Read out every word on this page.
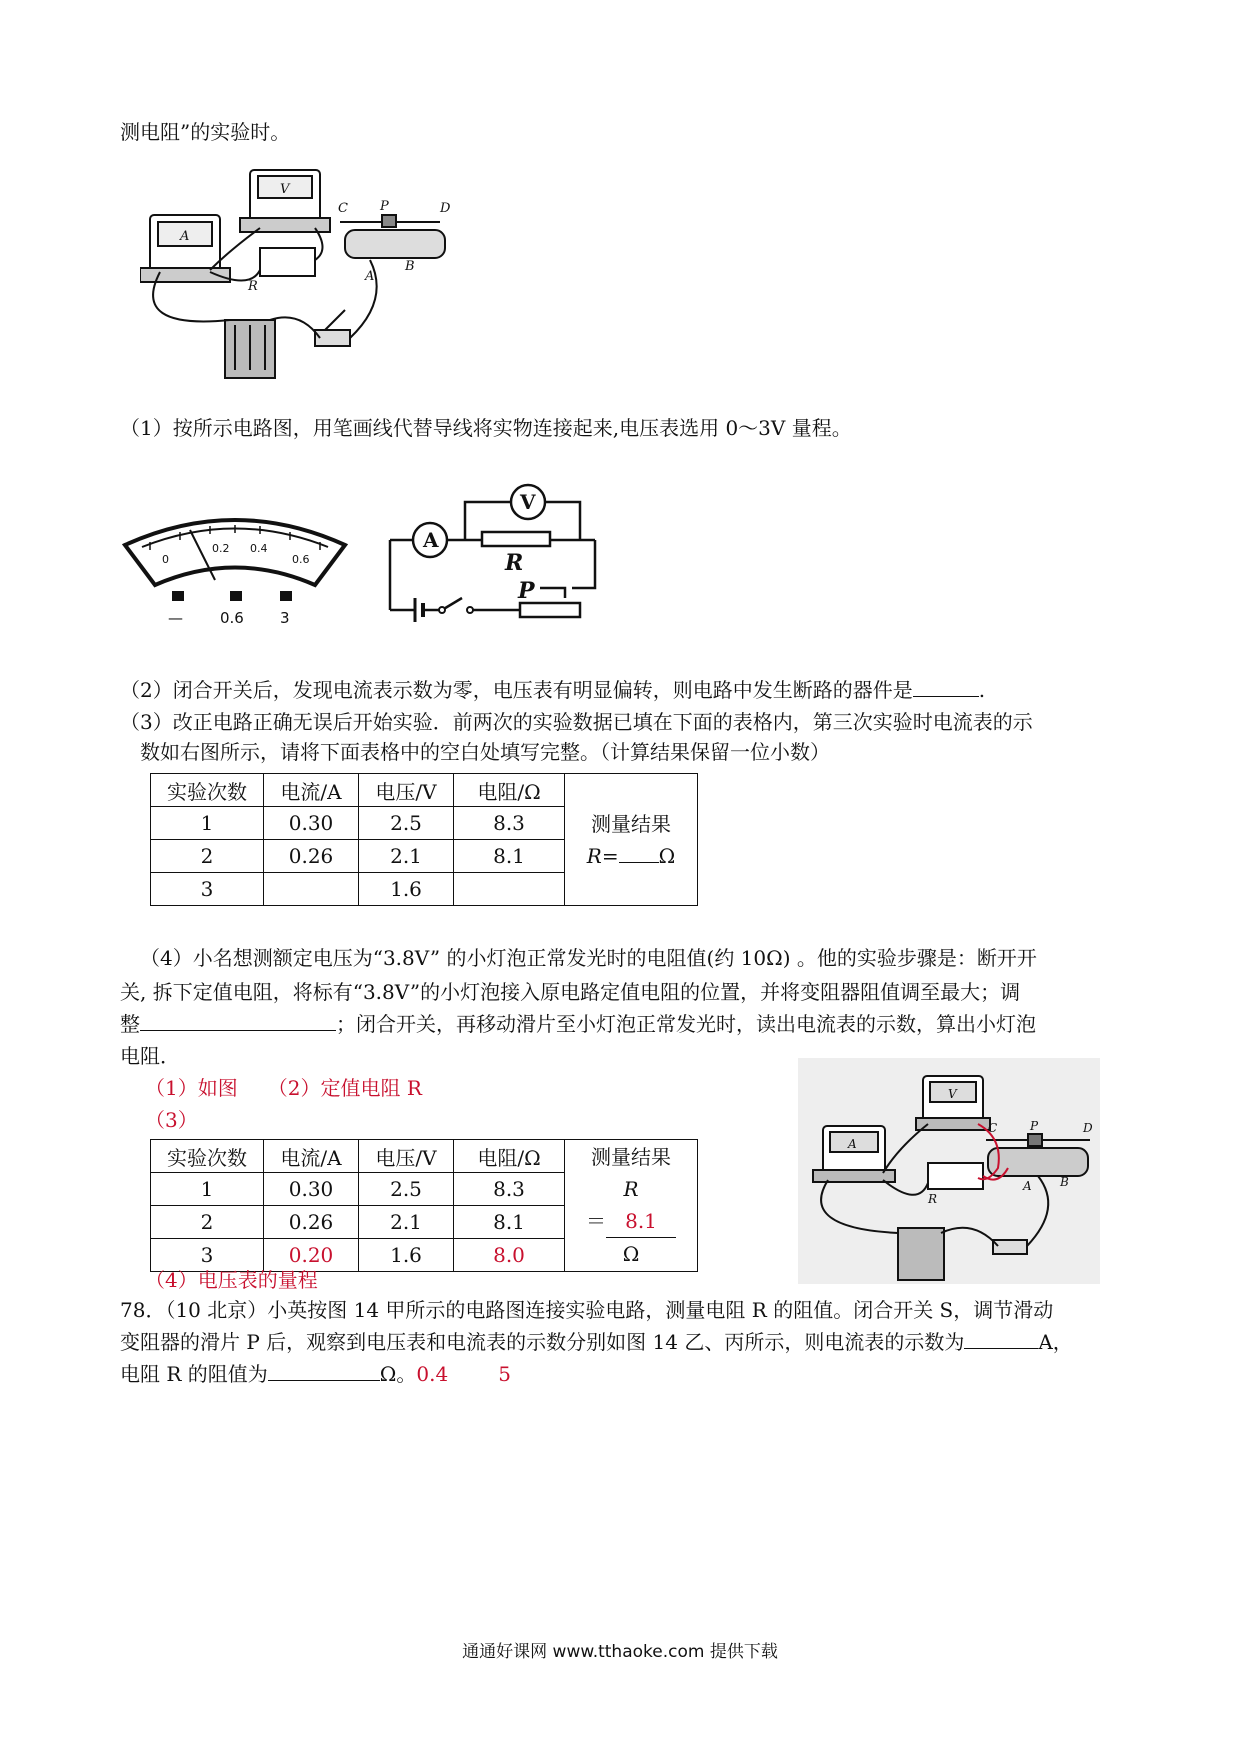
测电阻”的实验时。
A
V
R
C P	D
A
B
（1）按所示电路图，用笔画线代替导线将实物连接起来,电压表选用 0～3V 量程。
0
0.2 0.4
0.6
— 0.6 3
A
V
R
P
（2）闭合开关后，发现电流表示数为零，电压表有明显偏转，则电路中发生断路的器件是	.
（3）改正电路正确无误后开始实验．前两次的实验数据已填在下面的表格内，第三次实验时电流表的示
数如右图所示，请将下面表格中的空白处填写完整。（计算结果保留一位小数）
实验次数	电流/A	电压/V	电阻/Ω	测量结果
R= Ω

1	0.30	2.5	8.3	
2	0.26	2.1	8.1	
3		1.6		
（4）小名想测额定电压为“3.8V” 的小灯泡正常发光时的电阻值(约 10Ω) 。他的实验步骤是：断开开
关, 拆下定值电阻，将标有“3.8V”的小灯泡接入原电路定值电阻的位置，并将变阻器阻值调至最大；调
整	；闭合开关，再移动滑片至小灯泡正常发光时，读出电流表的示数，算出小灯泡
电阻．
（1）如图 （2）定值电阻 R
（3）
实验次数	电流/A	电压/V	电阻/Ω	测量结果
R
＝ 8.1
Ω

1	0.30	2.5	8.3	
2	0.26	2.1	8.1	
3	0.20	1.6	8.0	
A
V
R
C	P	D
A B
（4）电压表的量程
78．（10 北京）小英按图 14 甲所示的电路图连接实验电路，测量电阻 R 的阻值。闭合开关 S，调节滑动
变阻器的滑片 P 后，观察到电压表和电流表的示数分别如图 14 乙、丙所示，则电流表的示数为	A，
电阻 R 的阻值为	Ω。0.4	5
通通好课网 www.tthaoke.com 提供下载
